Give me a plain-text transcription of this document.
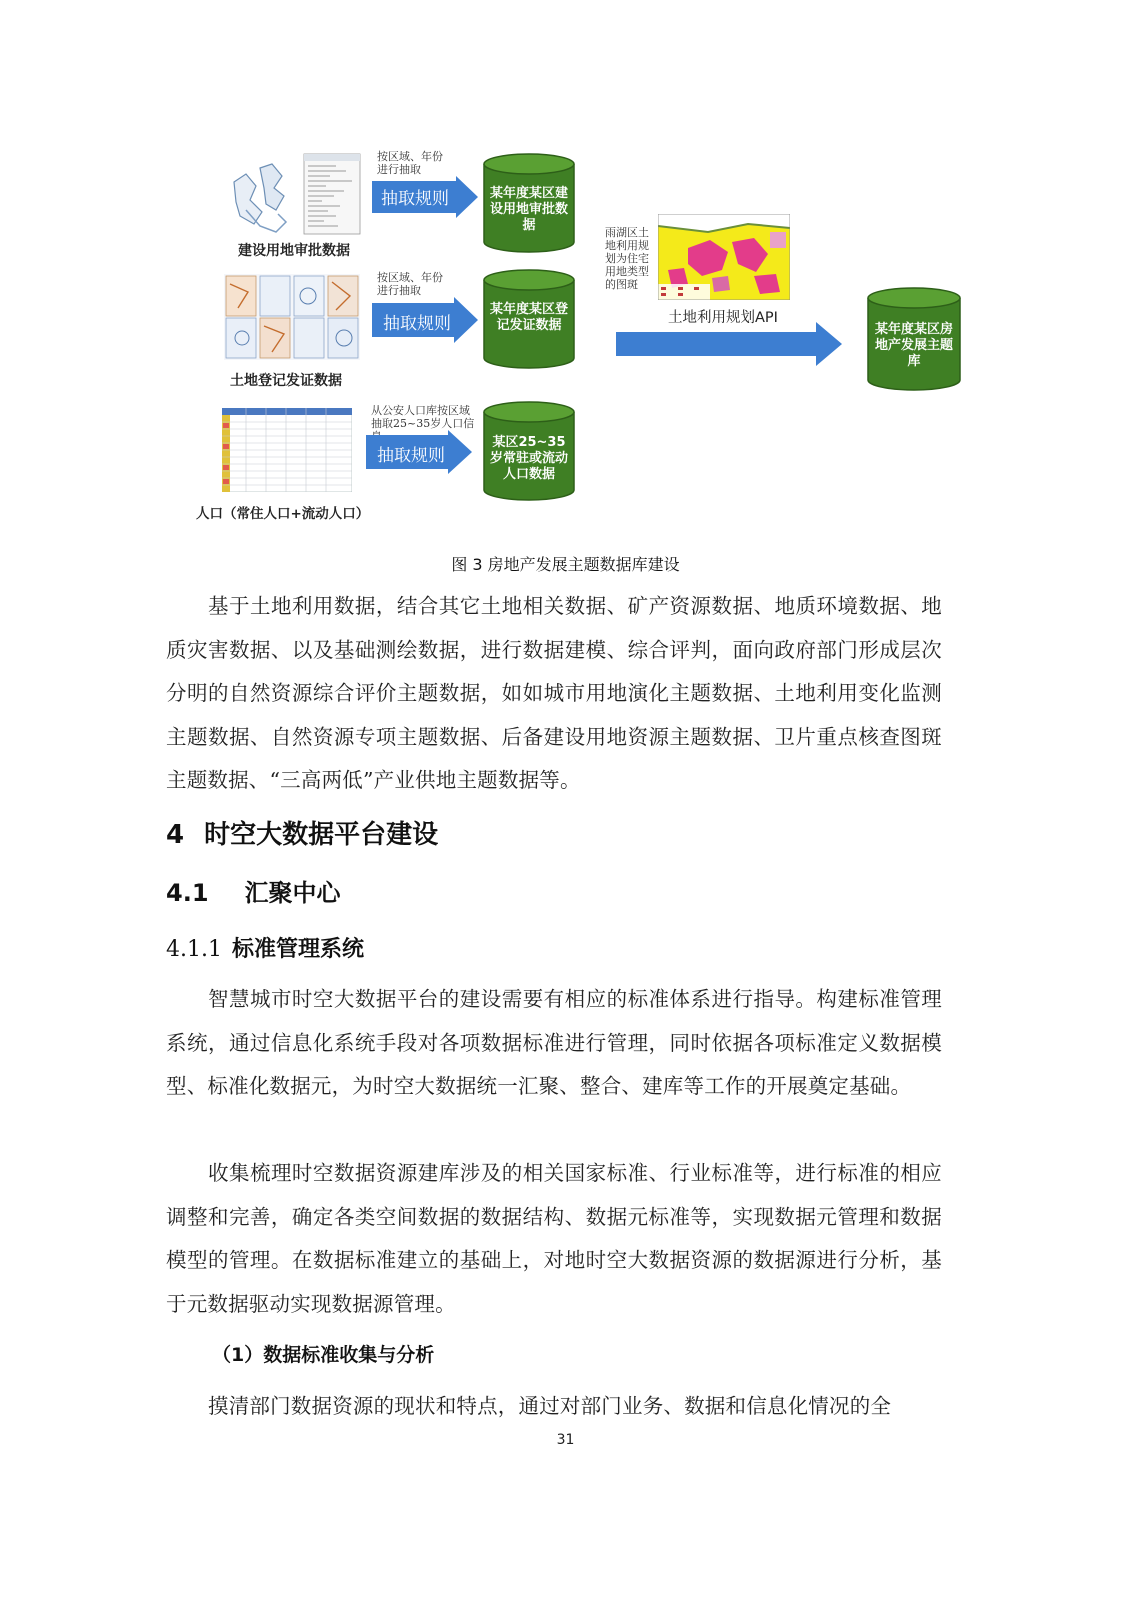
建设用地审批数据
土地登记发证数据
人口（常住人口+流动人口）
按区域、年份进行抽取
按区域、年份进行抽取
从公安人口库按区域抽取25~35岁人口信
抽取规则
抽取规则
抽取规则
某年度某区建设用地审批数据
某年度某区登记发证数据
某区25~35岁常驻或流动人口数据
雨湖区土地利用规划为住宅用地类型的图斑
土地利用规划API
某年度某区房地产发展主题库
图 3 房地产发展主题数据库建设
基于土地利用数据，结合其它土地相关数据、矿产资源数据、地质环境数据、地质灾害数据、以及基础测绘数据，进行数据建模、综合评判，面向政府部门形成层次分明的自然资源综合评价主题数据，如如城市用地演化主题数据、土地利用变化监测主题数据、自然资源专项主题数据、后备建设用地资源主题数据、卫片重点核查图斑主题数据、“三高两低”产业供地主题数据等。
4 时空大数据平台建设
4.1 汇聚中心
4.1.1 标准管理系统
智慧城市时空大数据平台的建设需要有相应的标准体系进行指导。构建标准管理系统，通过信息化系统手段对各项数据标准进行管理，同时依据各项标准定义数据模型、标准化数据元，为时空大数据统一汇聚、整合、建库等工作的开展奠定基础。
收集梳理时空数据资源建库涉及的相关国家标准、行业标准等，进行标准的相应调整和完善，确定各类空间数据的数据结构、数据元标准等，实现数据元管理和数据模型的管理。在数据标准建立的基础上，对地时空大数据资源的数据源进行分析，基于元数据驱动实现数据源管理。
（1）数据标准收集与分析
摸清部门数据资源的现状和特点，通过对部门业务、数据和信息化情况的全
31
